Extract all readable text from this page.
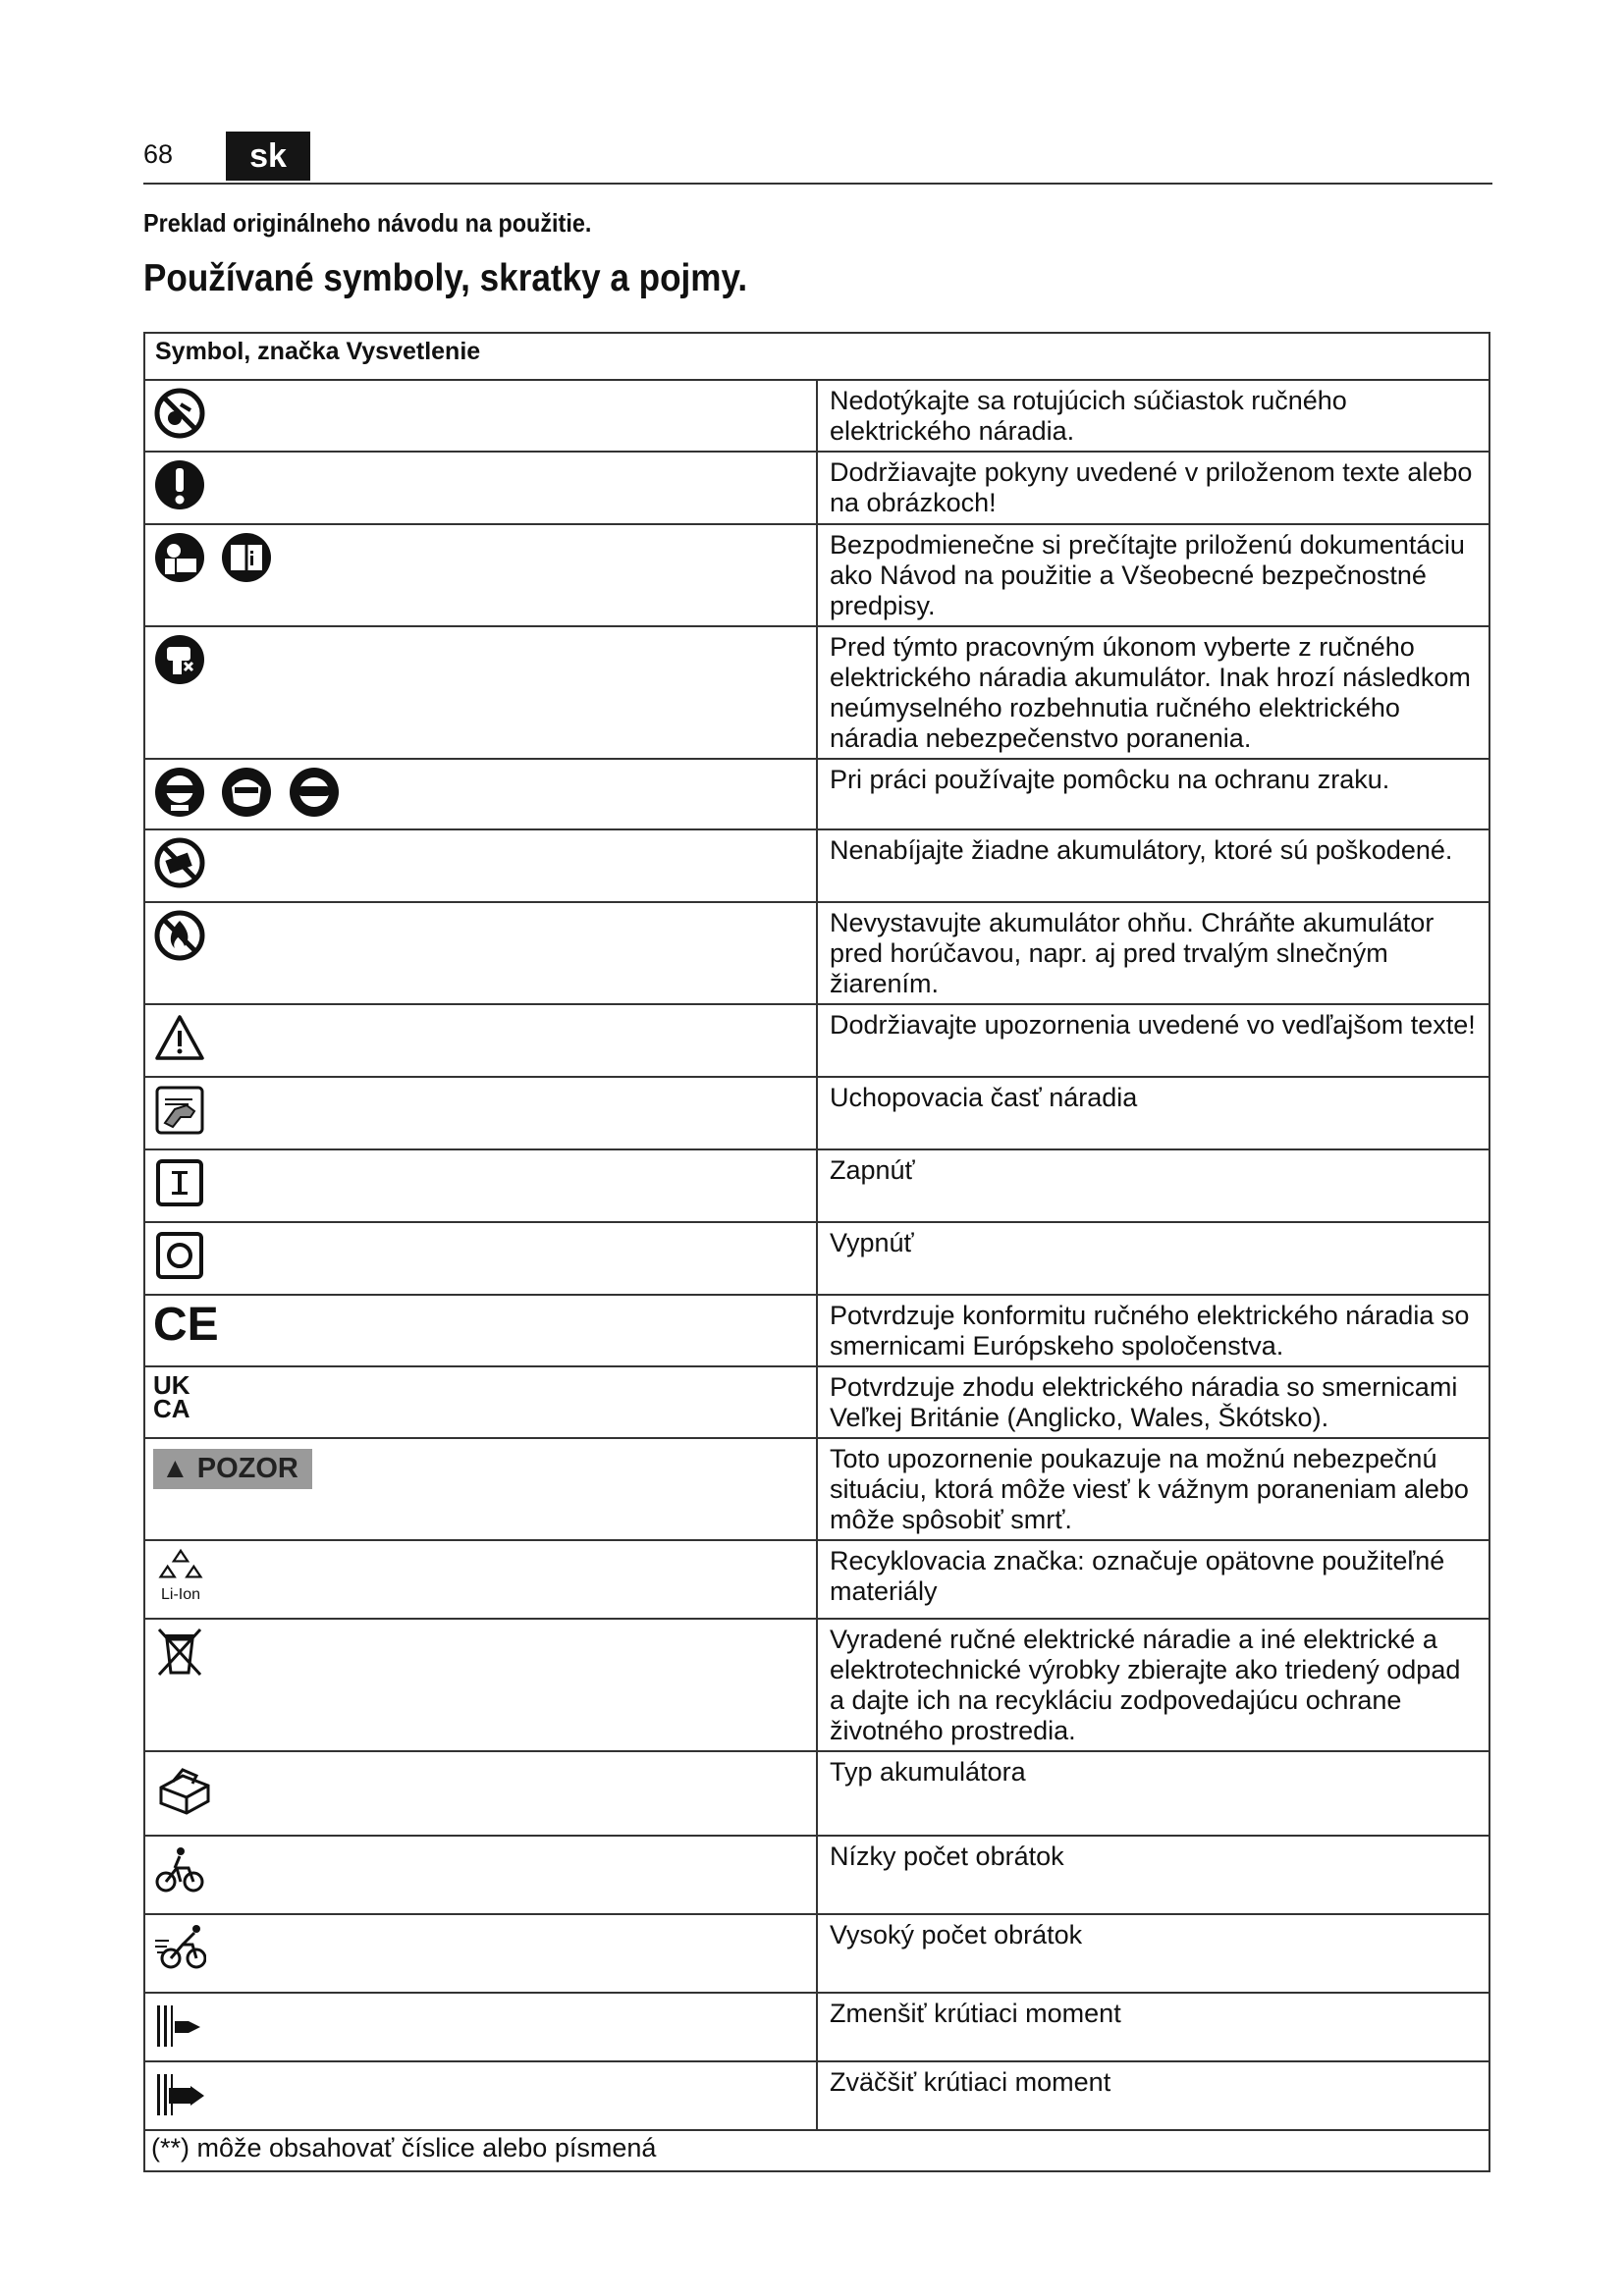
68	sk
Preklad originálneho návodu na použitie.
Používané symboly, skratky a pojmy.
Symbol, značka Vysvetlenie	
	Nedotýkajte sa rotujúcich súčiastok ručného elektrického náradia.
	Dodržiavajte pokyny uvedené v priloženom texte alebo na obrázkoch!
	Bezpodmienečne si prečítajte priloženú dokumentáciu ako Návod na použitie a Všeobecné bezpečnostné predpisy.
	Pred týmto pracovným úkonom vyberte z ručného elektrického náradia akumulátor. Inak hrozí následkom neúmyselného rozbehnutia ručného elektrického náradia nebezpečenstvo poranenia.
	Pri práci používajte pomôcku na ochranu zraku.
	Nenabíjajte žiadne akumulátory, ktoré sú poškodené.
	Nevystavujte akumulátor ohňu. Chráňte akumulátor pred horúčavou, napr. aj pred trvalým slnečným žiarením.
	Dodržiavajte upozornenia uvedené vo vedľajšom texte!
	Uchopovacia časť náradia
	Zapnúť
	Vypnúť
CE	Potvrdzuje konformitu ručného elektrického náradia so smernicami Európskeho spoločenstva.

UK
CA	Potvrdzuje zhodu elektrického náradia so smernicami Veľkej Británie (Anglicko, Wales, Škótsko).
▲ POZOR	Toto upozornenie poukazuje na možnú nebezpečnú situáciu, ktorá môže viesť k vážnym poraneniam alebo môže spôsobiť smrť.

Li-Ion	Recyklovacia značka: označuje opätovne použiteľné materiály
	Vyradené ručné elektrické náradie a iné elektrické a elektrotechnické výrobky zbierajte ako triedený odpad a dajte ich na recykláciu zodpovedajúcu ochrane životného prostredia.
	Typ akumulátora
	Nízky počet obrátok
	Vysoký počet obrátok
	Zmenšiť krútiaci moment
	Zväčšiť krútiaci moment
(**) môže obsahovať číslice alebo písmená	
